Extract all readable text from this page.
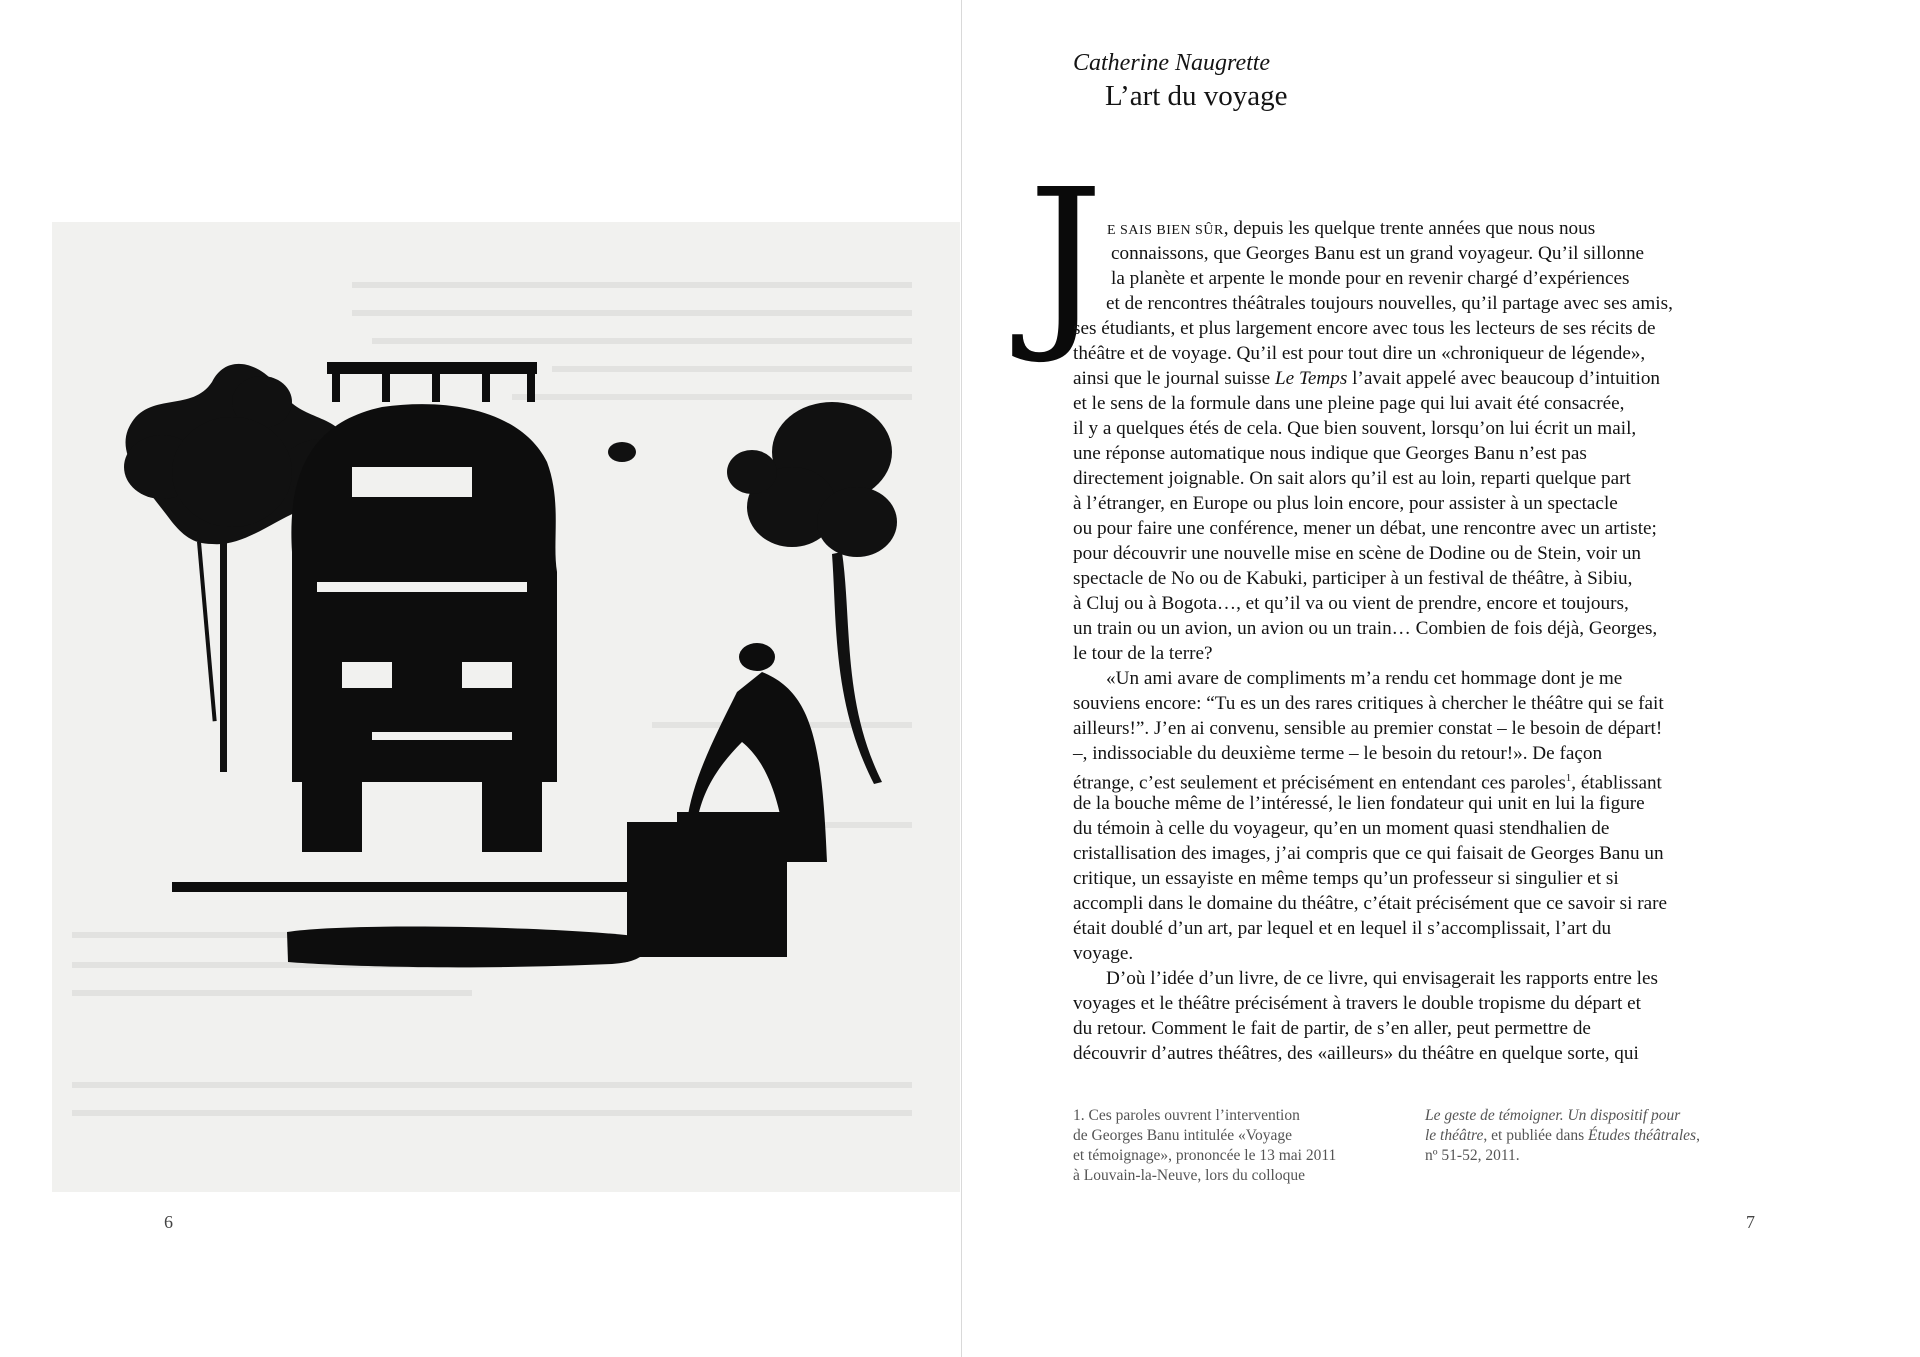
6
Catherine Naugrette
L’art du voyage
J E SAIS BIEN SÛR, depuis les quelque trente années que nous nous
connaissons, que Georges Banu est un grand voyageur. Qu’il sillonne
la planète et arpente le monde pour en revenir chargé d’expériences
et de rencontres théâtrales toujours nouvelles, qu’il partage avec ses amis,
ses étudiants, et plus largement encore avec tous les lecteurs de ses récits de
théâtre et de voyage. Qu’il est pour tout dire un «chroniqueur de légende»,
ainsi que le journal suisse Le Temps l’avait appelé avec beaucoup d’intuition
et le sens de la formule dans une pleine page qui lui avait été consacrée,
il y a quelques étés de cela. Que bien souvent, lorsqu’on lui écrit un mail,
une réponse automatique nous indique que Georges Banu n’est pas
directement joignable. On sait alors qu’il est au loin, reparti quelque part
à l’étranger, en Europe ou plus loin encore, pour assister à un spectacle
ou pour faire une conférence, mener un débat, une rencontre avec un artiste;
pour découvrir une nouvelle mise en scène de Dodine ou de Stein, voir un
spectacle de No ou de Kabuki, participer à un festival de théâtre, à Sibiu,
à Cluj ou à Bogota…, et qu’il va ou vient de prendre, encore et toujours,
un train ou un avion, un avion ou un train… Combien de fois déjà, Georges,
le tour de la terre?
«Un ami avare de compliments m’a rendu cet hommage dont je me
souviens encore: “Tu es un des rares critiques à chercher le théâtre qui se fait
ailleurs!”. J’en ai convenu, sensible au premier constat – le besoin de départ!
–, indissociable du deuxième terme – le besoin du retour!». De façon
étrange, c’est seulement et précisément en entendant ces paroles$^1$, établissant
de la bouche même de l’intéressé, le lien fondateur qui unit en lui la figure
du témoin à celle du voyageur, qu’en un moment quasi stendhalien de
cristallisation des images, j’ai compris que ce qui faisait de Georges Banu un
critique, un essayiste en même temps qu’un professeur si singulier et si
accompli dans le domaine du théâtre, c’était précisément que ce savoir si rare
était doublé d’un art, par lequel et en lequel il s’accomplissait, l’art du
voyage.
D’où l’idée d’un livre, de ce livre, qui envisagerait les rapports entre les
voyages et le théâtre précisément à travers le double tropisme du départ et
du retour. Comment le fait de partir, de s’en aller, peut permettre de
découvrir d’autres théâtres, des «ailleurs» du théâtre en quelque sorte, qui
1. Ces paroles ouvrent l’intervention
de Georges Banu intitulée «Voyage
et témoignage», prononcée le 13 mai 2011
à Louvain-la-Neuve, lors du colloque
Le geste de témoigner. Un dispositif pour
le théâtre, et publiée dans Études théâtrales,
nº 51-52, 2011.
7
